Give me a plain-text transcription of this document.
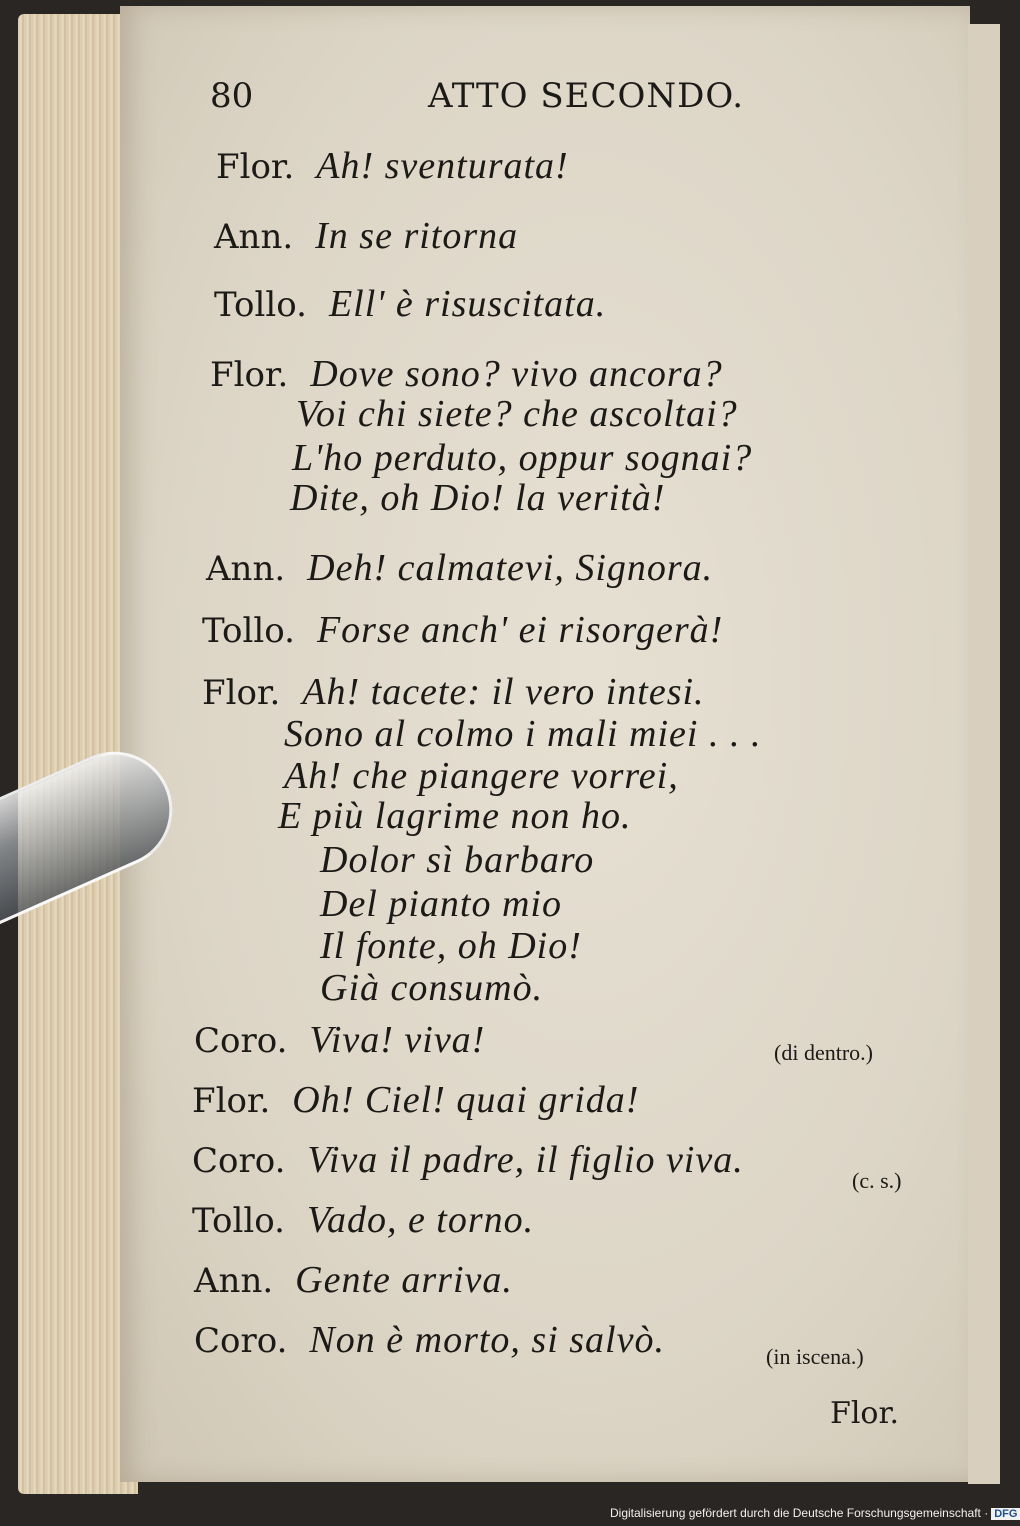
80	ATTO SECONDO.
Flor. Ah! sventurata!
Ann. In se ritorna
Tollo. Ell' è risuscitata.
Flor. Dove sono? vivo ancora?
Voi chi siete? che ascoltai?
L'ho perduto, oppur sognai?
Dite, oh Dio! la verità!
Ann. Deh! calmatevi, Signora.
Tollo. Forse anch' ei risorgerà!
Flor. Ah! tacete: il vero intesi.
Sono al colmo i mali miei . . .
Ah! che piangere vorrei,
E più lagrime non ho.
Dolor sì barbaro
Del pianto mio
Il fonte, oh Dio!
Già consumò.
Coro. Viva! viva!
Flor. Oh! Ciel! quai grida!
Coro. Viva il padre, il figlio viva.
Tollo. Vado, e torno.
Ann. Gente arriva.
Coro. Non è morto, si salvò.
(di dentro.)
(c. s.)
(in iscena.)
Flor.
Digitalisierung gefördert durch die Deutsche Forschungsgemeinschaft · DFG
